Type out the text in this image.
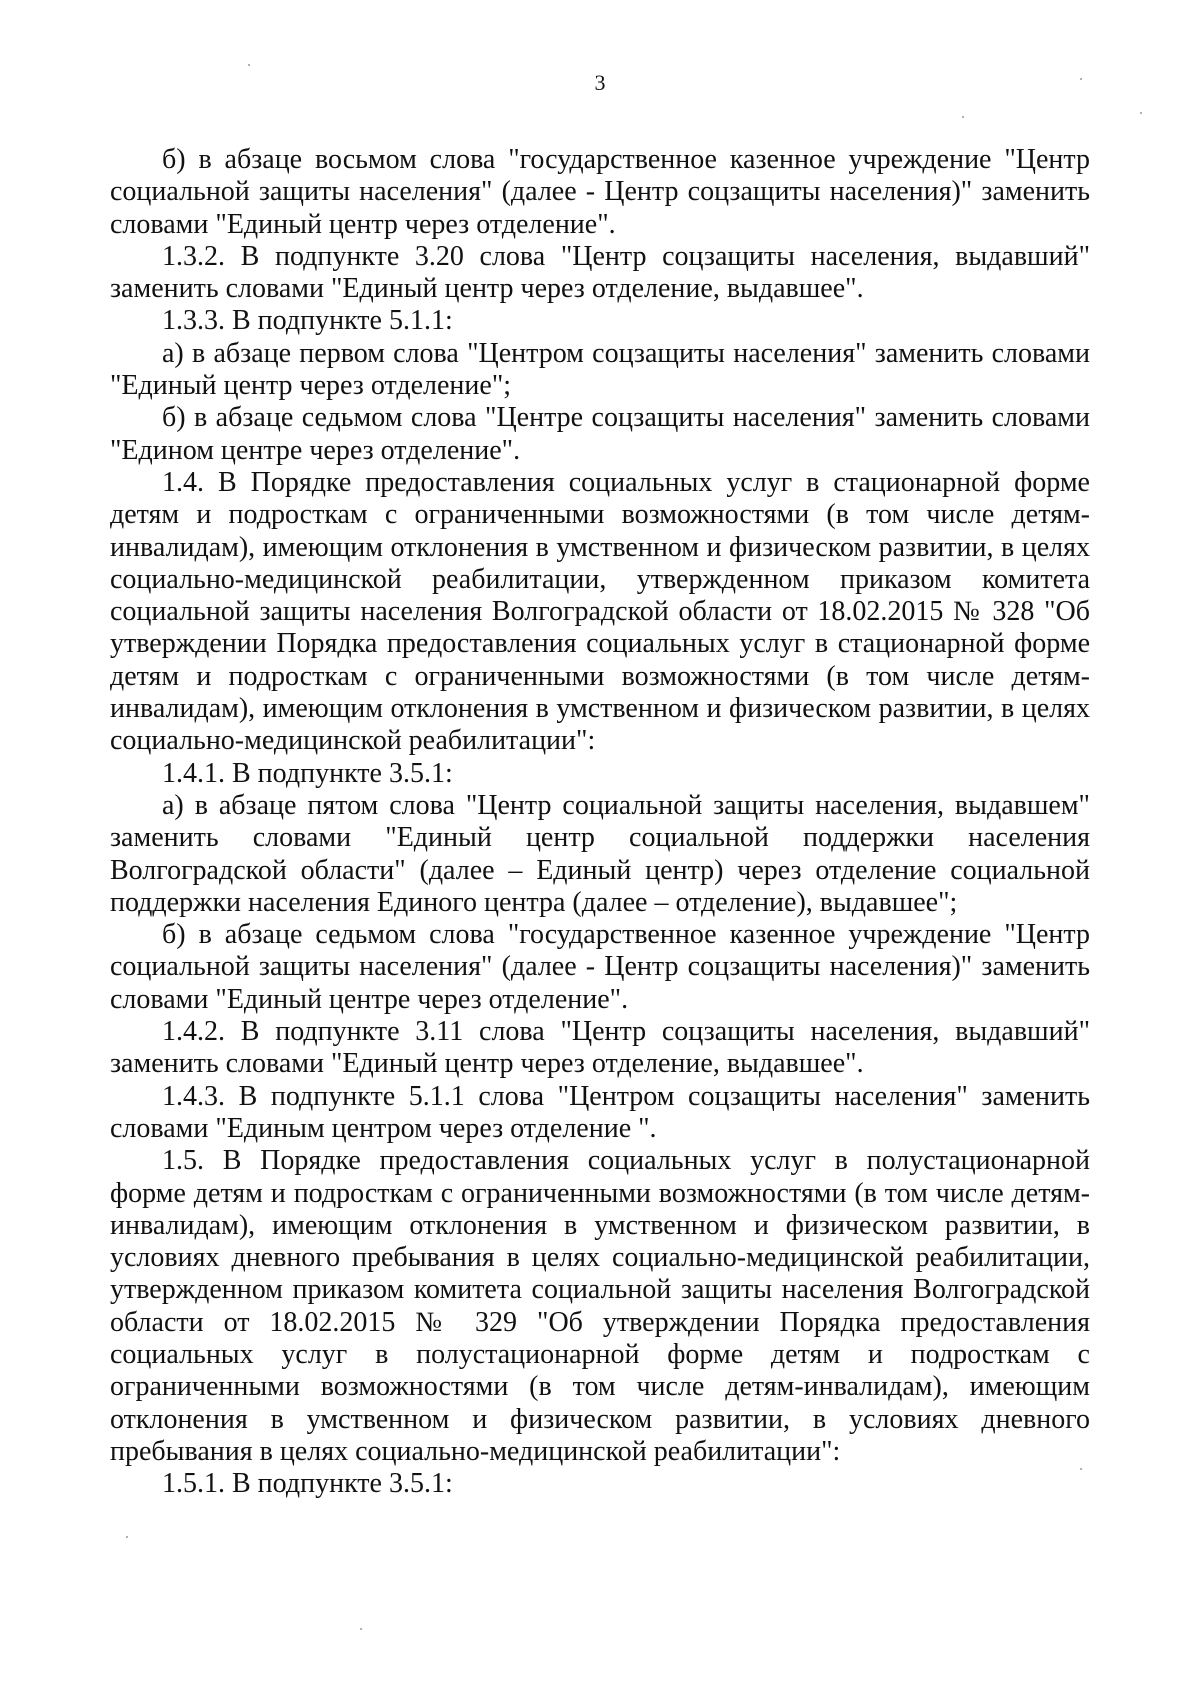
3

б) в абзаце восьмом слова "государственное казенное учреждение "Центр социальной защиты населения" (далее - Центр соцзащиты населения)" заменить словами "Единый центр через отделение".

1.3.2. В подпункте 3.20 слова "Центр соцзащиты населения, выдавший" заменить словами "Единый центр через отделение, выдавшее".

1.3.3. В подпункте 5.1.1:

а) в абзаце первом слова "Центром соцзащиты населения" заменить словами "Единый центр через отделение";

б) в абзаце седьмом слова "Центре соцзащиты населения" заменить словами "Едином центре через отделение".

1.4. В Порядке предоставления социальных услуг в стационарной форме детям и подросткам с ограниченными возможностями (в том числе детям-инвалидам), имеющим отклонения в умственном и физическом развитии, в целях социально-медицинской реабилитации, утвержденном приказом комитета социальной защиты населения Волгоградской области от 18.02.2015 № 328 "Об утверждении Порядка предоставления социальных услуг в стационарной форме детям и подросткам с ограниченными возможностями (в том числе детям-инвалидам), имеющим отклонения в умственном и физическом развитии, в целях социально-медицинской реабилитации":

1.4.1. В подпункте 3.5.1:

а) в абзаце пятом слова "Центр социальной защиты населения, выдавшем" заменить словами "Единый центр социальной поддержки населения Волгоградской области" (далее – Единый центр) через отделение социальной поддержки населения Единого центра (далее – отделение), выдавшее";

б) в абзаце седьмом слова "государственное казенное учреждение "Центр социальной защиты населения" (далее - Центр соцзащиты населения)" заменить словами "Единый центре через отделение".

1.4.2. В подпункте 3.11 слова "Центр соцзащиты населения, выдавший" заменить словами "Единый центр через отделение, выдавшее".

1.4.3. В подпункте 5.1.1 слова "Центром соцзащиты населения" заменить словами "Единым центром через отделение ".

1.5. В Порядке предоставления социальных услуг в полустационарной форме детям и подросткам с ограниченными возможностями (в том числе детям-инвалидам), имеющим отклонения в умственном и физическом развитии, в условиях дневного пребывания в целях социально-медицинской реабилитации, утвержденном приказом комитета социальной защиты населения Волгоградской области от 18.02.2015 № 329 "Об утверждении Порядка предоставления социальных услуг в полустационарной форме детям и подросткам с ограниченными возможностями (в том числе детям-инвалидам), имеющим отклонения в умственном и физическом развитии, в условиях дневного пребывания в целях социально-медицинской реабилитации":

1.5.1. В подпункте 3.5.1:
